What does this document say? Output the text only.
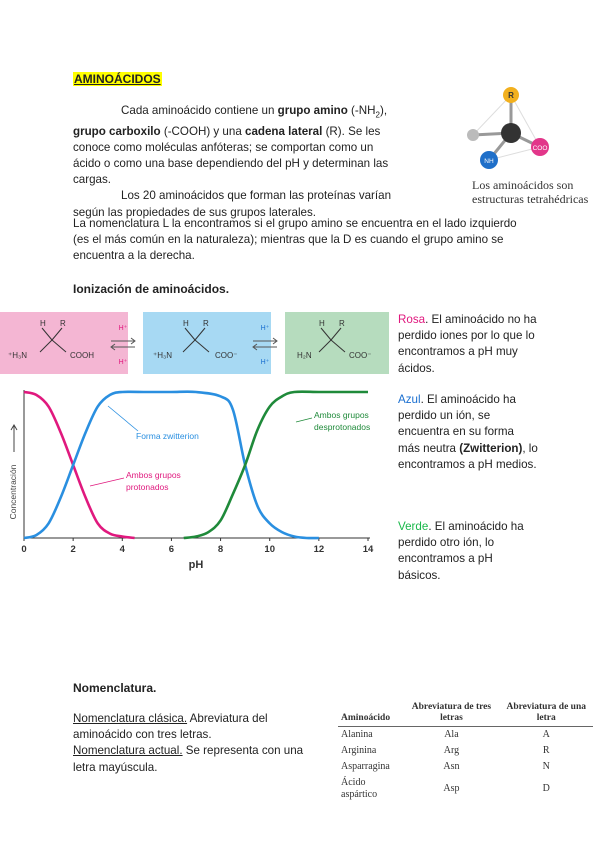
AMINOÁCIDOS

Cada aminoácido contiene un grupo amino $(-NH_2)$, grupo carboxilo (-COOH) y una cadena lateral (R). Se les conoce como moléculas anfóteras; se comportan como un ácido o como una base dependiendo del pH y determinan las cargas.

Los 20 aminoácidos que forman las proteínas varían según las propiedades de sus grupos laterales.

R
COO
NH
Los aminoácidos son
estructuras tetrahédricas
La nomenclatura L la encontramos si el grupo amino se encuentra en el lado izquierdo (es el más común en la naturaleza); mientras que la D es cuando el grupo amino se encuentra a la derecha.
Ionización de aminoácidos.
H R
⁺H₃N	COOH
H⁺
H⁺
H R
⁺H₃N	COO⁻
H⁺
H⁺
H R
H₂N	COO⁻
0	2	4	6	8	10	12	14
pH
Concentración
Forma zwitterion
Ambos grupos
protonados
Ambos grupos
desprotonados

Rosa. El aminoácido no ha perdido iones por lo que lo encontramos a pH muy ácidos.

Azul. El aminoácido ha perdido un ión, se encuentra en su forma más neutra (Zwitterion), lo encontramos a pH medios.

Verde. El aminoácido ha perdido otro ión, lo encontramos a pH básicos.

Nomenclatura.

Nomenclatura clásica. Abreviatura del aminoácido con tres letras.

Nomenclatura actual. Se representa con una letra mayúscula.

Aminoácido	Abreviatura de tres letras	Abreviatura de una letra
Alanina	Ala	A
Arginina	Arg	R
Asparragina	Asn	N
Ácido aspártico	Asp	D
